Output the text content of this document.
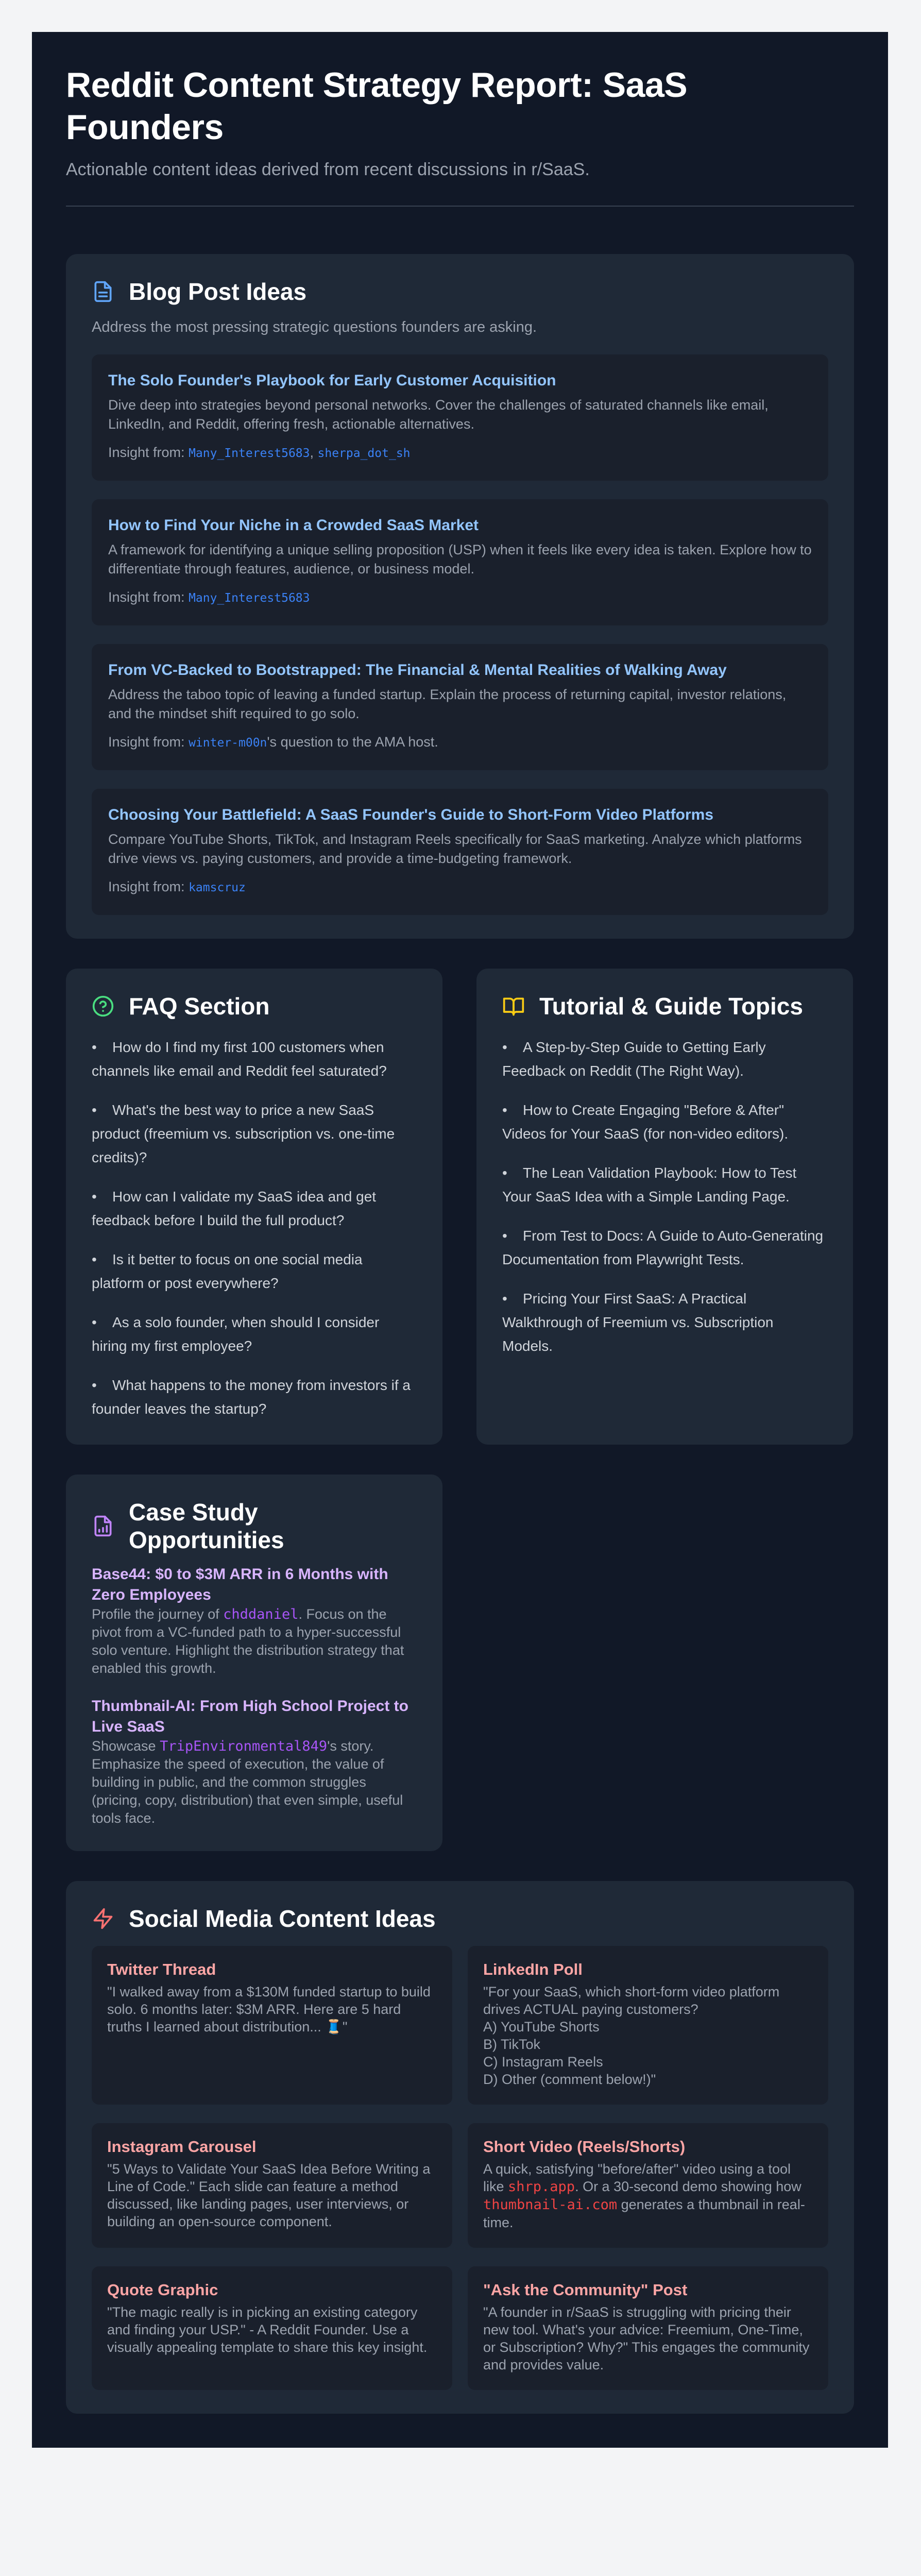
Reddit Content Strategy Report: SaaS Founders

Actionable content ideas derived from recent discussions in r/SaaS.

Blog Post Ideas

Address the most pressing strategic questions founders are asking.

The Solo Founder's Playbook for Early Customer Acquisition

Dive deep into strategies beyond personal networks. Cover the challenges of saturated channels like email, LinkedIn, and Reddit, offering fresh, actionable alternatives.

Insight from: Many_Interest5683, sherpa_dot_sh

How to Find Your Niche in a Crowded SaaS Market

A framework for identifying a unique selling proposition (USP) when it feels like every idea is taken. Explore how to differentiate through features, audience, or business model.

Insight from: Many_Interest5683

From VC-Backed to Bootstrapped: The Financial & Mental Realities of Walking Away

Address the taboo topic of leaving a funded startup. Explain the process of returning capital, investor relations, and the mindset shift required to go solo.

Insight from: winter-m00n's question to the AMA host.

Choosing Your Battlefield: A SaaS Founder's Guide to Short-Form Video Platforms

Compare YouTube Shorts, TikTok, and Instagram Reels specifically for SaaS marketing. Analyze which platforms drive views vs. paying customers, and provide a time-budgeting framework.

Insight from: kamscruz

FAQ Section
• How do I find my first 100 customers when channels like email and Reddit feel saturated?
• What's the best way to price a new SaaS product (freemium vs. subscription vs. one-time credits)?
• How can I validate my SaaS idea and get feedback before I build the full product?
• Is it better to focus on one social media platform or post everywhere?
• As a solo founder, when should I consider hiring my first employee?
• What happens to the money from investors if a founder leaves the startup?
Tutorial & Guide Topics
• A Step-by-Step Guide to Getting Early Feedback on Reddit (The Right Way).
• How to Create Engaging "Before & After" Videos for Your SaaS (for non-video editors).
• The Lean Validation Playbook: How to Test Your SaaS Idea with a Simple Landing Page.
• From Test to Docs: A Guide to Auto-Generating Documentation from Playwright Tests.
• Pricing Your First SaaS: A Practical Walkthrough of Freemium vs. Subscription Models.
Case Study Opportunities
Base44: $0 to $3M ARR in 6 Months with Zero Employees

Profile the journey of chddaniel. Focus on the pivot from a VC-funded path to a hyper-successful solo venture. Highlight the distribution strategy that enabled this growth.

Thumbnail-AI: From High School Project to Live SaaS

Showcase TripEnvironmental849's story. Emphasize the speed of execution, the value of building in public, and the common struggles (pricing, copy, distribution) that even simple, useful tools face.

Social Media Content Ideas
Twitter Thread

"I walked away from a $130M funded startup to build solo. 6 months later: $3M ARR. Here are 5 hard truths I learned about distribution... 🧵"

LinkedIn Poll

"For your SaaS, which short-form video platform drives ACTUAL paying customers?
A) YouTube Shorts
B) TikTok
C) Instagram Reels
D) Other (comment below!)"

Instagram Carousel

"5 Ways to Validate Your SaaS Idea Before Writing a Line of Code." Each slide can feature a method discussed, like landing pages, user interviews, or building an open-source component.

Short Video (Reels/Shorts)

A quick, satisfying "before/after" video using a tool like shrp.app. Or a 30-second demo showing how thumbnail-ai.com generates a thumbnail in real-time.

Quote Graphic

"The magic really is in picking an existing category and finding your USP." - A Reddit Founder. Use a visually appealing template to share this key insight.

"Ask the Community" Post

"A founder in r/SaaS is struggling with pricing their new tool. What's your advice: Freemium, One-Time, or Subscription? Why?" This engages the community and provides value.
